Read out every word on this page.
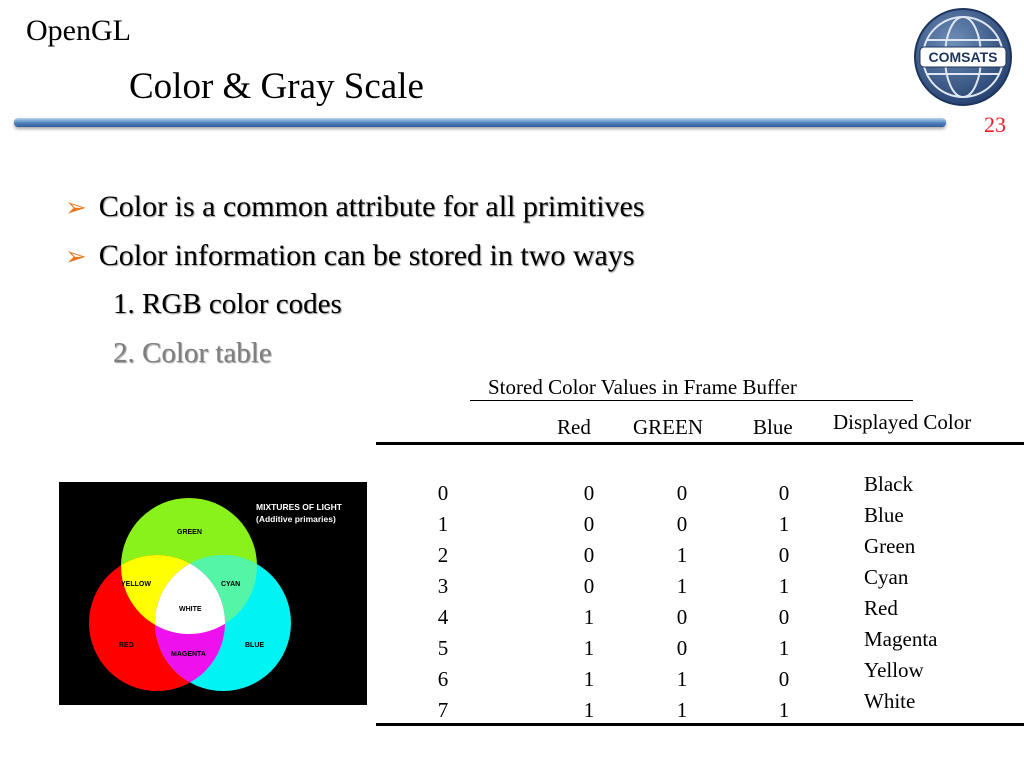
OpenGL
Color & Gray Scale
23
COMSATS
➢ Color is a common attribute for all primitives
➢ Color information can be stored in two ways
1. RGB color codes
2. Color table
GREEN
YELLOW	CYAN
WHITE
RED
MAGENTA
BLUE
MIXTURES OF LIGHT
(Additive primaries)
Stored Color Values in Frame Buffer
Red GREEN Blue Displayed Color
0
1
2
3
4
5
6
7
0
0
0
0
1
1
1
1
0
0
1
1
0
0
1
1
0
1
0
1
0
1
0
1
Black
Blue
Green
Cyan
Red
Magenta
Yellow
White
